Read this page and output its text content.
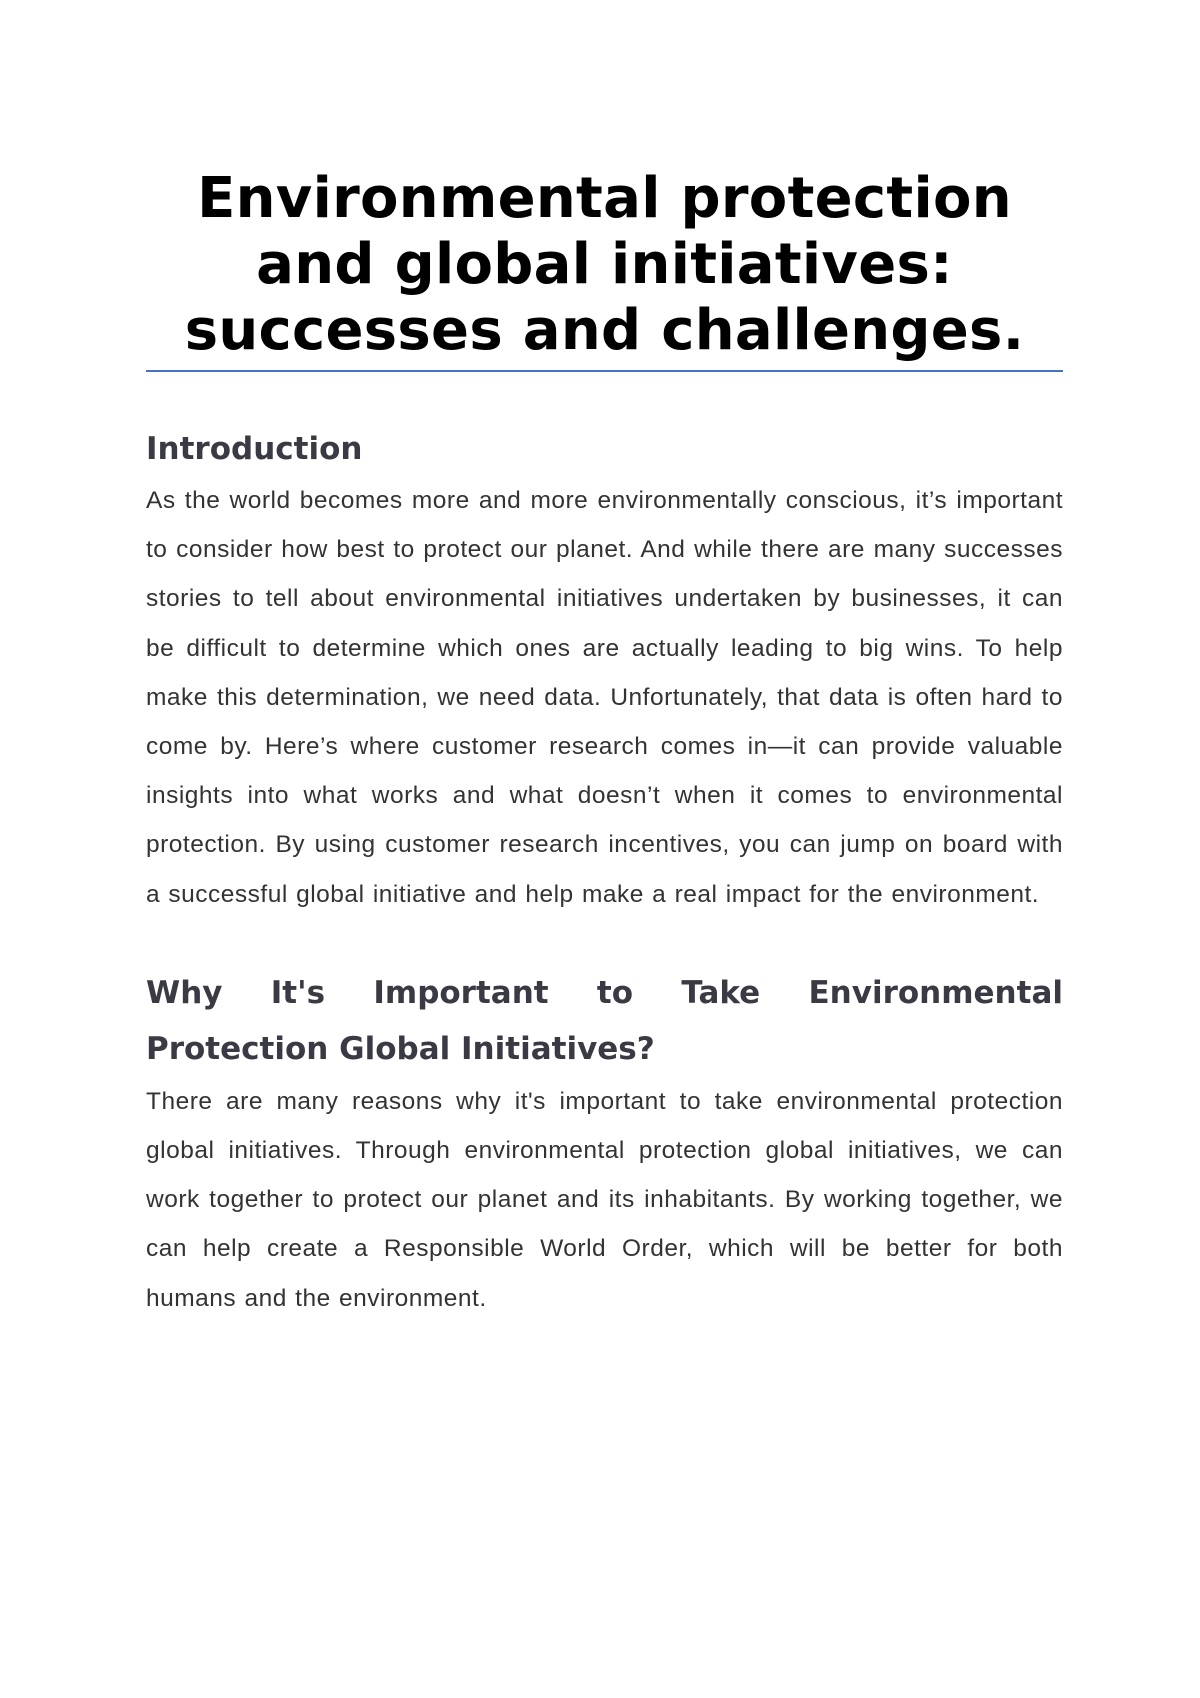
Environmental protection and global initiatives: successes and challenges.
Introduction

As the world becomes more and more environmentally conscious, it’s important to consider how best to protect our planet. And while there are many successes stories to tell about environmental initiatives undertaken by businesses, it can be difficult to determine which ones are actually leading to big wins. To help make this determination, we need data. Unfortunately, that data is often hard to come by. Here’s where customer research comes in—it can provide valuable insights into what works and what doesn’t when it comes to environmental protection. By using customer research incentives, you can jump on board with a successful global initiative and help make a real impact for the environment.

Why It's Important to Take Environmental Protection Global Initiatives?

There are many reasons why it's important to take environmental protection global initiatives. Through environmental protection global initiatives, we can work together to protect our planet and its inhabitants. By working together, we can help create a Responsible World Order, which will be better for both humans and the environment.
